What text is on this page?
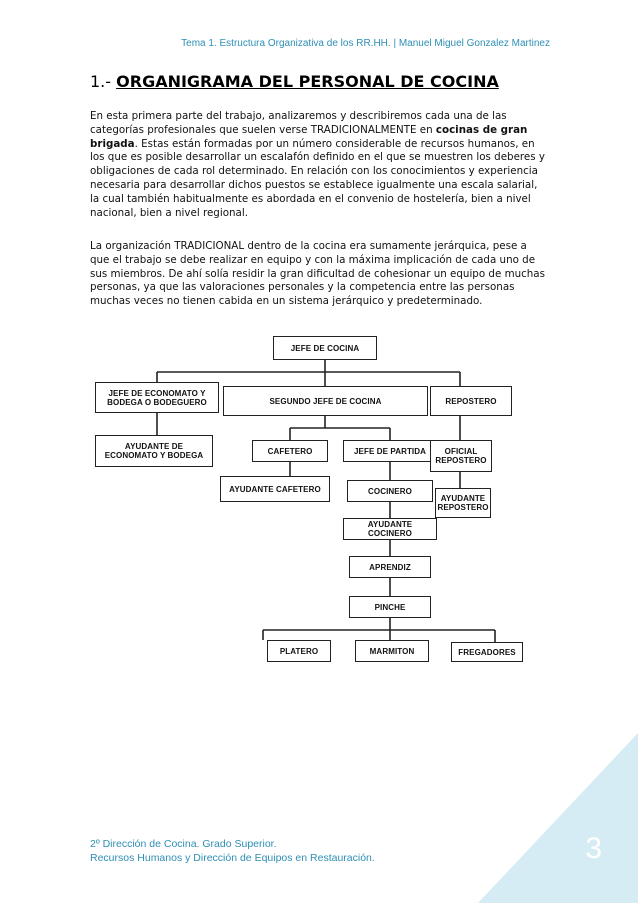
Tema 1. Estructura Organizativa de los RR.HH. | Manuel Miguel Gonzalez Martinez
1.- ORGANIGRAMA DEL PERSONAL DE COCINA
En esta primera parte del trabajo, analizaremos y describiremos cada una de las categorías profesionales que suelen verse TRADICIONALMENTE en cocinas de gran brigada. Estas están formadas por un número considerable de recursos humanos, en los que es posible desarrollar un escalafón definido en el que se muestren los deberes y obligaciones de cada rol determinado. En relación con los conocimientos y experiencia necesaria para desarrollar dichos puestos se establece igualmente una escala salarial, la cual también habitualmente es abordada en el convenio de hostelería, bien a nivel nacional, bien a nivel regional.
La organización TRADICIONAL dentro de la cocina era sumamente jerárquica, pese a que el trabajo se debe realizar en equipo y con la máxima implicación de cada uno de sus miembros. De ahí solía residir la gran dificultad de cohesionar un equipo de muchas personas, ya que las valoraciones personales y la competencia entre las personas muchas veces no tienen cabida en un sistema jerárquico y predeterminado.
JEFE DE COCINA
JEFE DE ECONOMATO Y BODEGA O BODEGUERO	SEGUNDO JEFE DE COCINA	REPOSTERO
AYUDANTE DE ECONOMATO Y BODEGA	CAFETERO	JEFE DE PARTIDA	OFICIAL REPOSTERO
AYUDANTE CAFETERO	COCINERO
AYUDANTE REPOSTERO
AYUDANTE COCINERO
APRENDIZ
PINCHE
PLATERO	MARMITON	FREGADORES
3
2º Dirección de Cocina. Grado Superior.
Recursos Humanos y Dirección de Equipos en Restauración.
